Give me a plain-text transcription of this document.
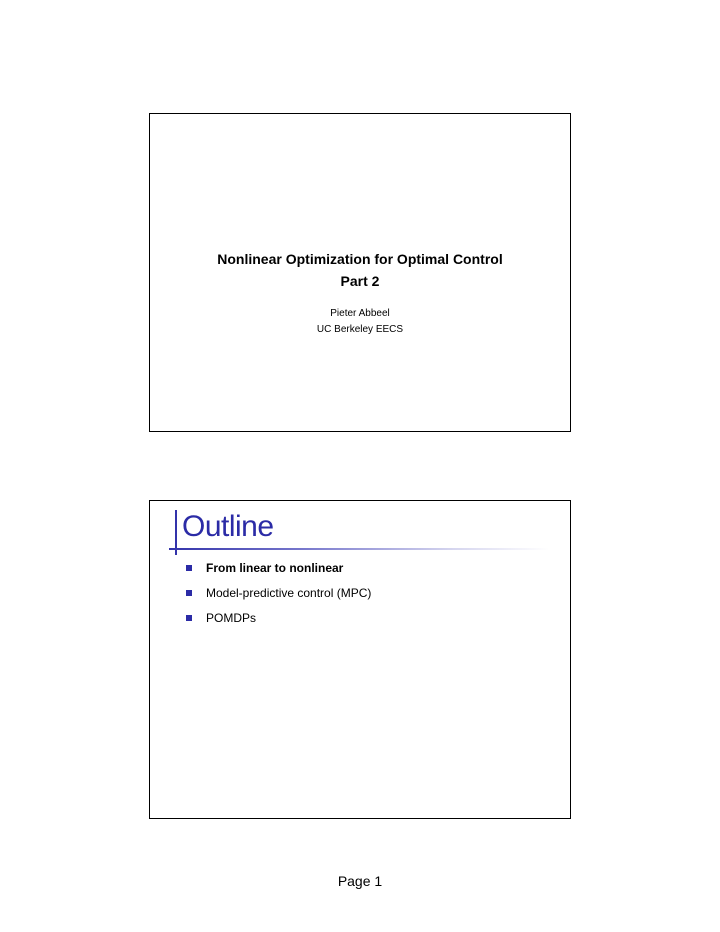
Nonlinear Optimization for Optimal Control
Part 2
Pieter Abbeel
UC Berkeley EECS
Outline
From linear to nonlinear
Model-predictive control (MPC)
POMDPs
Page 1
